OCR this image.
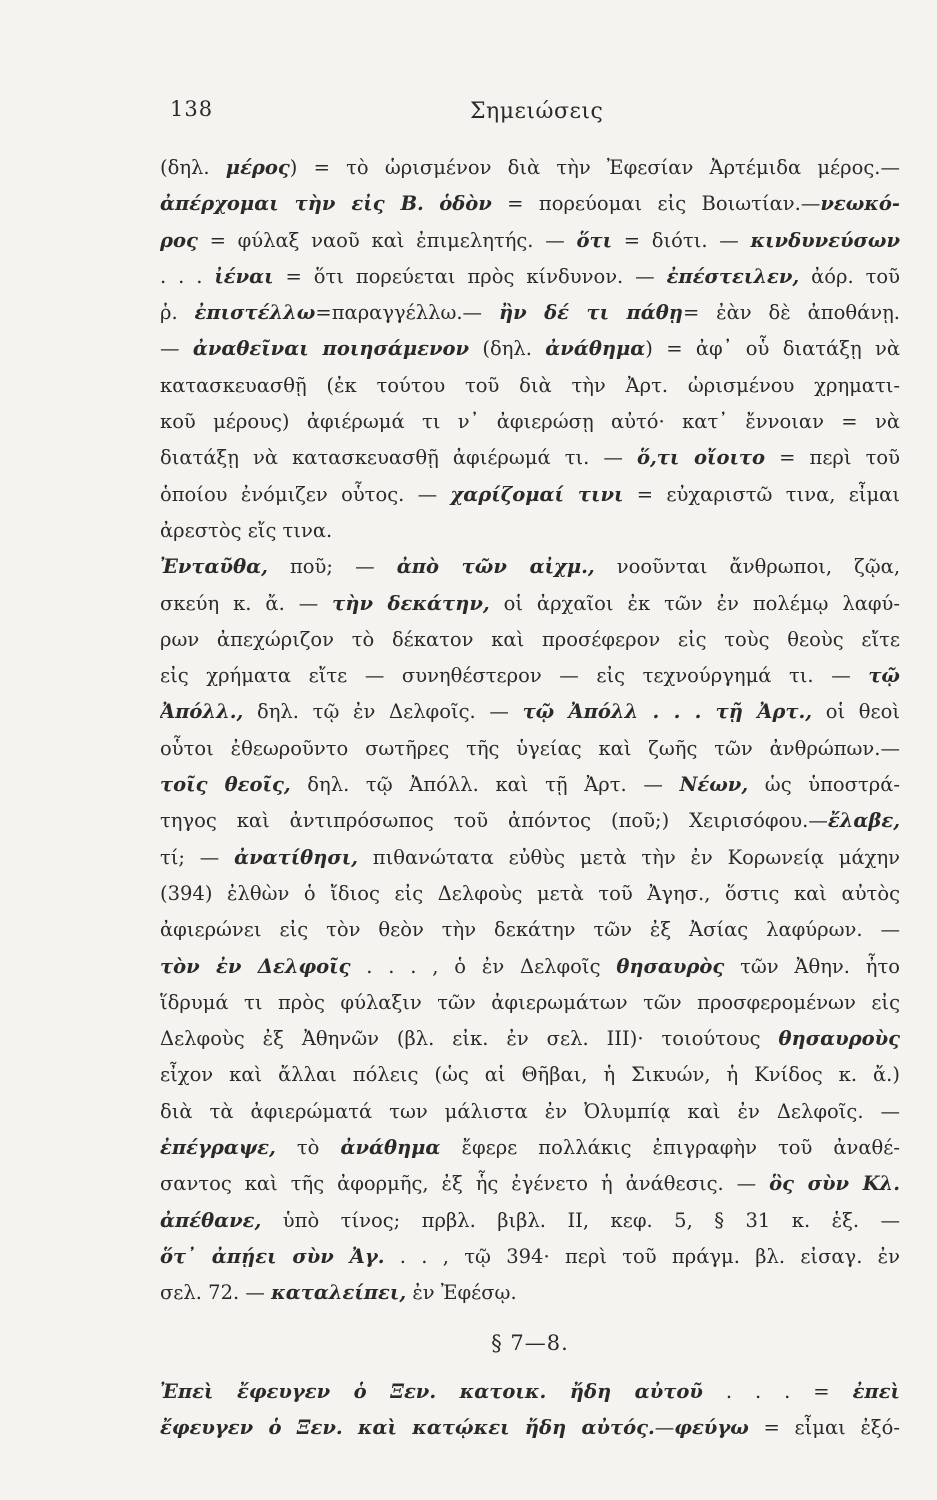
138	Σημειώσεις
(δηλ. μέρος) = τὸ ὡρισμένον διὰ τὴν Ἐφεσίαν Ἀρτέμιδα μέρος.—
ἀπέρχομαι τὴν εἰς Β. ὁδὸν = πορεύομαι εἰς Βοιωτίαν.—νεωκό-
ρος = φύλαξ ναοῦ καὶ ἐπιμελητής. — ὅτι = διότι. — κινδυνεύσων
. . . ἰέναι = ὅτι πορεύεται πρὸς κίνδυνον. — ἐπέστειλεν, ἀόρ. τοῦ
ῥ. ἐπιστέλλω=παραγγέλλω.— ἢν δέ τι πάθῃ= ἐὰν δὲ ἀποθάνῃ.
— ἀναθεῖναι ποιησάμενον (δηλ. ἀνάθημα) = ἀφ᾽ οὗ διατάξῃ νὰ
κατασκευασθῇ (ἐκ τούτου τοῦ διὰ τὴν Ἀρτ. ὡρισμένου χρηματι-
κοῦ μέρους) ἀφιέρωμά τι ν᾽ ἀφιερώσῃ αὐτό· κατ᾽ ἔννοιαν = νὰ
διατάξῃ νὰ κατασκευασθῇ ἀφιέρωμά τι. — ὅ,τι οἴοιτο = περὶ τοῦ
ὁποίου ἐνόμιζεν οὗτος. — χαρίζομαί τινι = εὐχαριστῶ τινα, εἶμαι
ἀρεστὸς εἴς τινα.
Ἐνταῦθα, ποῦ; — ἀπὸ τῶν αἰχμ., νοοῦνται ἄνθρωποι, ζῷα,
σκεύη κ. ἄ. — τὴν δεκάτην, οἱ ἀρχαῖοι ἐκ τῶν ἐν πολέμῳ λαφύ-
ρων ἀπεχώριζον τὸ δέκατον καὶ προσέφερον εἰς τοὺς θεοὺς εἴτε
εἰς χρήματα εἴτε — συνηθέστερον — εἰς τεχνούργημά τι. — τῷ
Ἀπόλλ., δηλ. τῷ ἐν Δελφοῖς. — τῷ Ἀπόλλ . . . τῇ Ἀρτ., οἱ θεοὶ
οὗτοι ἐθεωροῦντο σωτῆρες τῆς ὑγείας καὶ ζωῆς τῶν ἀνθρώπων.—
τοῖς θεοῖς, δηλ. τῷ Ἀπόλλ. καὶ τῇ Ἀρτ. — Νέων, ὡς ὑποστρά-
τηγος καὶ ἀντιπρόσωπος τοῦ ἀπόντος (ποῦ;) Χειρισόφου.—ἔλαβε,
τί; — ἀνατίθησι, πιθανώτατα εὐθὺς μετὰ τὴν ἐν Κορωνείᾳ μάχην
(394) ἐλθὼν ὁ ἴδιος εἰς Δελφοὺς μετὰ τοῦ Ἀγησ., ὅστις καὶ αὐτὸς
ἀφιερώνει εἰς τὸν θεὸν τὴν δεκάτην τῶν ἐξ Ἀσίας λαφύρων. —
τὸν ἐν Δελφοῖς . . . , ὁ ἐν Δελφοῖς θησαυρὸς τῶν Ἀθην. ἦτο
ἵδρυμά τι πρὸς φύλαξιν τῶν ἀφιερωμάτων τῶν προσφερομένων εἰς
Δελφοὺς ἐξ Ἀθηνῶν (βλ. εἰκ. ἐν σελ. III)· τοιούτους θησαυροὺς
εἶχον καὶ ἄλλαι πόλεις (ὡς αἱ Θῆβαι, ἡ Σικυών, ἡ Κνίδος κ. ἄ.)
διὰ τὰ ἀφιερώματά των μάλιστα ἐν Ὀλυμπίᾳ καὶ ἐν Δελφοῖς. —
ἐπέγραψε, τὸ ἀνάθημα ἔφερε πολλάκις ἐπιγραφὴν τοῦ ἀναθέ-
σαντος καὶ τῆς ἀφορμῆς, ἐξ ἧς ἐγένετο ἡ ἀνάθεσις. — ὃς σὺν Κλ.
ἀπέθανε, ὑπὸ τίνος; πρβλ. βιβλ. II, κεφ. 5, § 31 κ. ἑξ. —
ὅτ᾽ ἀπῄει σὺν Ἀγ. . . , τῷ 394· περὶ τοῦ πράγμ. βλ. εἰσαγ. ἐν
σελ. 72. — καταλείπει, ἐν Ἐφέσῳ.
§ 7—8.
Ἐπεὶ ἔφευγεν ὁ Ξεν. κατοικ. ἤδη αὐτοῦ . . . = ἐπεὶ
ἔφευγεν ὁ Ξεν. καὶ κατῴκει ἤδη αὐτός.—φεύγω = εἶμαι ἐξό-
